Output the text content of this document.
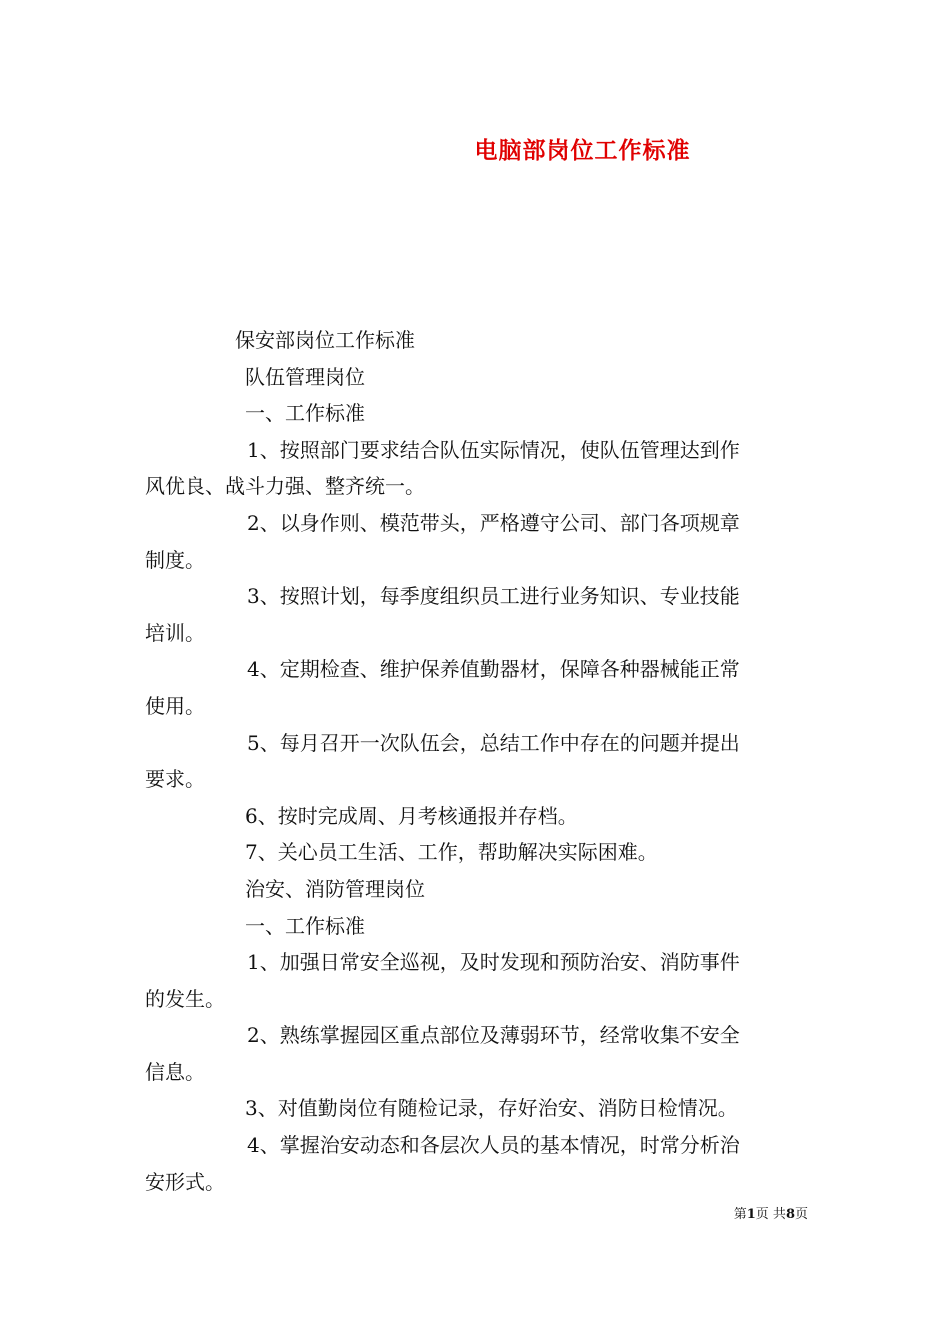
电脑部岗位工作标准
保安部岗位工作标准
队伍管理岗位
一、工作标准
1、按照部门要求结合队伍实际情况，使队伍管理达到作
风优良、战斗力强、整齐统一。
2、以身作则、模范带头，严格遵守公司、部门各项规章
制度。
3、按照计划，每季度组织员工进行业务知识、专业技能
培训。
4、定期检查、维护保养值勤器材，保障各种器械能正常
使用。
5、每月召开一次队伍会，总结工作中存在的问题并提出
要求。
6、按时完成周、月考核通报并存档。
7、关心员工生活、工作，帮助解决实际困难。
治安、消防管理岗位
一、工作标准
1、加强日常安全巡视，及时发现和预防治安、消防事件
的发生。
2、熟练掌握园区重点部位及薄弱环节，经常收集不安全
信息。
3、对值勤岗位有随检记录，存好治安、消防日检情况。
4、掌握治安动态和各层次人员的基本情况，时常分析治
安形式。
第1页 共8页
